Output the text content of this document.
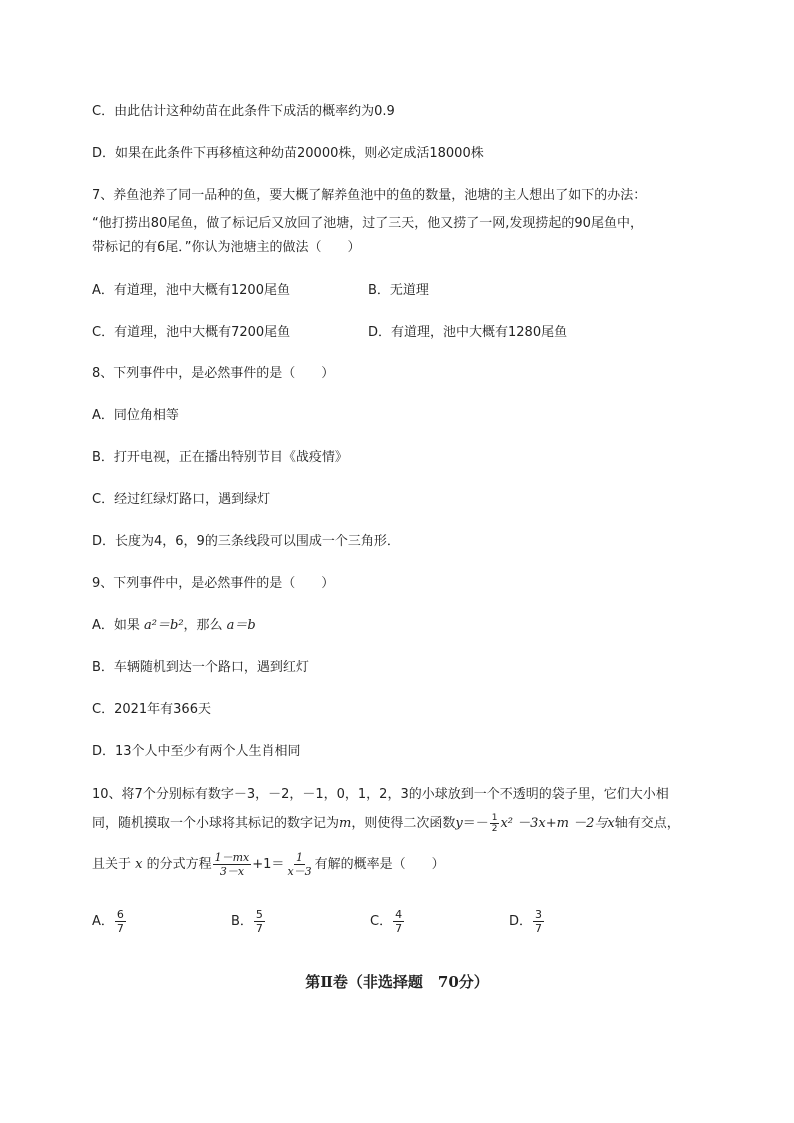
C．由此估计这种幼苗在此条件下成活的概率约为0.9
D．如果在此条件下再移植这种幼苗20000株，则必定成活18000株
7、养鱼池养了同一品种的鱼，要大概了解养鱼池中的鱼的数量，池塘的主人想出了如下的办法：
“他打捞出80尾鱼，做了标记后又放回了池塘，过了三天，他又捞了一网,发现捞起的90尾鱼中，
带标记的有6尾．”你认为池塘主的做法（　　）
A．有道理，池中大概有1200尾鱼	B．无道理
C．有道理，池中大概有7200尾鱼	D．有道理，池中大概有1280尾鱼
8、下列事件中，是必然事件的是（　　）
A．同位角相等
B．打开电视，正在播出特别节目《战疫情》
C．经过红绿灯路口，遇到绿灯
D．长度为4，6，9的三条线段可以围成一个三角形．
9、下列事件中，是必然事件的是（　　）
A．如果 a²＝b²，那么 a＝b
B．车辆随机到达一个路口，遇到红灯
C．2021年有366天
D．13个人中至少有两个人生肖相同
10、将7个分别标有数字－3，－2，－1，0，1，2，3的小球放到一个不透明的袋子里，它们大小相
同，随机摸取一个小球将其标记的数字记为m，则使得二次函数$y=- \frac{1}{2} x^2 -3x+m -2$与x轴有交点，
且关于 x 的分式方程 $\frac{1-mx}{3-x} +1= \frac{1}{x-3}$ 有解的概率是（　　）
A． $\frac{6}{7}$	B． $\frac{5}{7}$	C． $\frac{4}{7}$	D． $\frac{3}{7}$
第Ⅱ卷（非选择题　70分）
